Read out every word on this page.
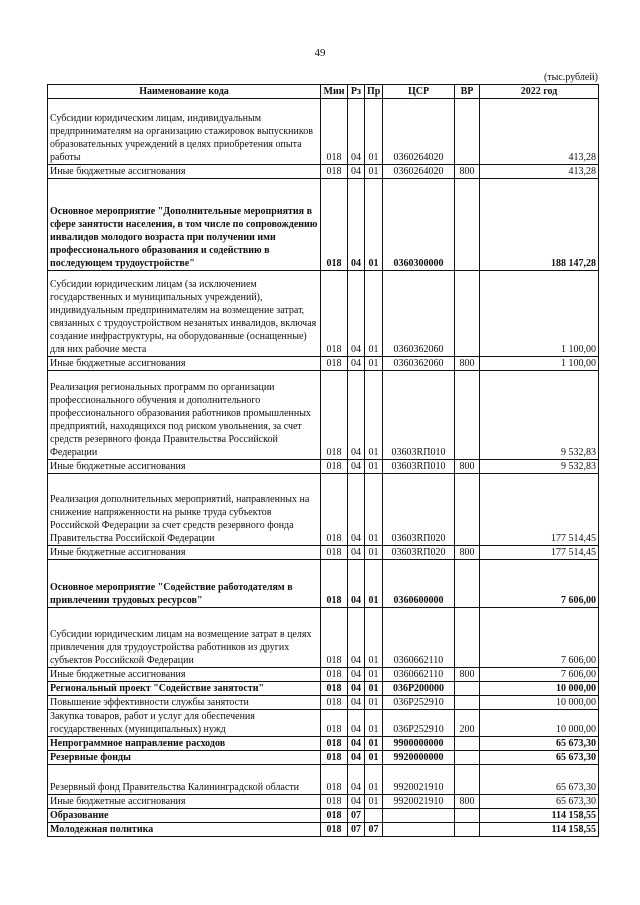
49
(тыс.рублей)
Наименование кода	Мин	Рз	Пр	ЦСР	ВР	2022 год
Субсидии юридическим лицам, индивидуальным предпринимателям на организацию стажировок выпускников образовательных учреждений в целях приобретения опыта работы	018	04	01	0360264020		413,28
Иные бюджетные ассигнования	018	04	01	0360264020	800	413,28
Основное мероприятие "Дополнительные мероприятия в сфере занятости населения, в том числе по сопровождению инвалидов молодого возраста при получении ими профессионального образования и содействию в последующем трудоустройстве"	018	04	01	0360300000		188 147,28
Субсидии юридическим лицам (за исключением государственных и муниципальных учреждений), индивидуальным предпринимателям на возмещение затрат, связанных с трудоустройством незанятых инвалидов, включая создание инфраструктуры, на оборудованные (оснащенные) для них рабочие места	018	04	01	0360362060		1 100,00
Иные бюджетные ассигнования	018	04	01	0360362060	800	1 100,00
Реализация региональных программ по организации профессионального обучения и дополнительного профессионального образования работников промышленных предприятий, находящихся под риском увольнения, за счет средств резервного фонда Правительства Российской Федерации	018	04	01	03603RП010		9 532,83
Иные бюджетные ассигнования	018	04	01	03603RП010	800	9 532,83
Реализация дополнительных мероприятий, направленных на снижение напряженности на рынке труда субъектов Российской Федерации за счет средств резервного фонда Правительства Российской Федерации	018	04	01	03603RП020		177 514,45
Иные бюджетные ассигнования	018	04	01	03603RП020	800	177 514,45
Основное мероприятие "Содействие работодателям в привлечении трудовых ресурсов"	018	04	01	0360600000		7 606,00
Субсидии юридическим лицам на возмещение затрат в целях привлечения для трудоустройства работников из других субъектов Российской Федерации	018	04	01	0360662110		7 606,00
Иные бюджетные ассигнования	018	04	01	0360662110	800	7 606,00
Региональный проект "Содействие занятости"	018	04	01	036P200000		10 000,00
Повышение эффективности службы занятости	018	04	01	036P252910		10 000,00
Закупка товаров, работ и услуг для обеспечения государственных (муниципальных) нужд	018	04	01	036P252910	200	10 000,00
Непрограммное направление расходов	018	04	01	9900000000		65 673,30
Резервные фонды	018	04	01	9920000000		65 673,30
Резервный фонд Правительства Калининградской области	018	04	01	9920021910		65 673,30
Иные бюджетные ассигнования	018	04	01	9920021910	800	65 673,30
Образование	018	07				114 158,55
Молодежная политика	018	07	07			114 158,55
